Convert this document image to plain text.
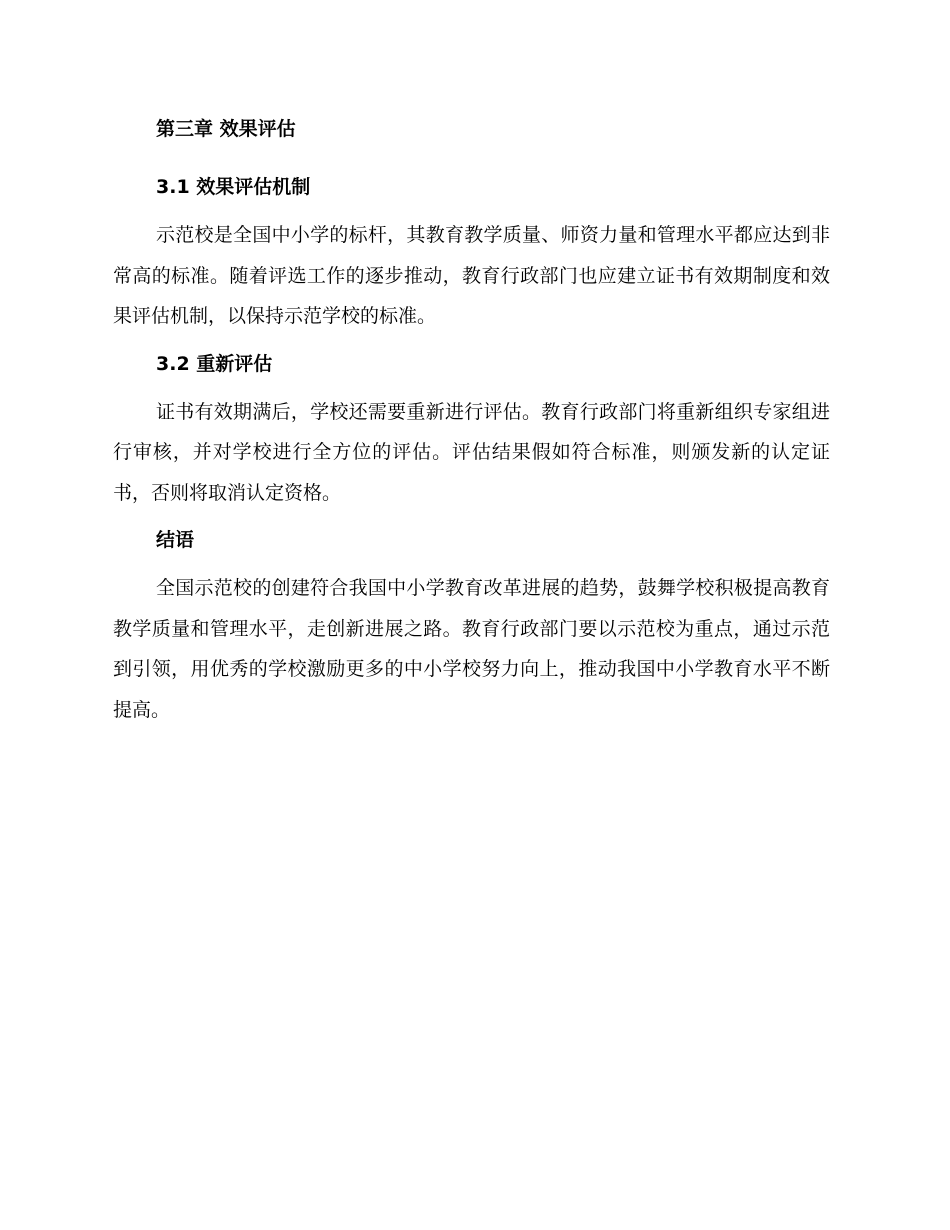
第三章 效果评估
3.1 效果评估机制

示范校是全国中小学的标杆，其教育教学质量、师资力量和管理水平都应达到非常高的标准。随着评选工作的逐步推动，教育行政部门也应建立证书有效期制度和效果评估机制，以保持示范学校的标准。

3.2 重新评估

证书有效期满后，学校还需要重新进行评估。教育行政部门将重新组织专家组进行审核，并对学校进行全方位的评估。评估结果假如符合标准，则颁发新的认定证书，否则将取消认定资格。

结语

全国示范校的创建符合我国中小学教育改革进展的趋势，鼓舞学校积极提高教育教学质量和管理水平，走创新进展之路。教育行政部门要以示范校为重点，通过示范到引领，用优秀的学校激励更多的中小学校努力向上，推动我国中小学教育水平不断提高。
